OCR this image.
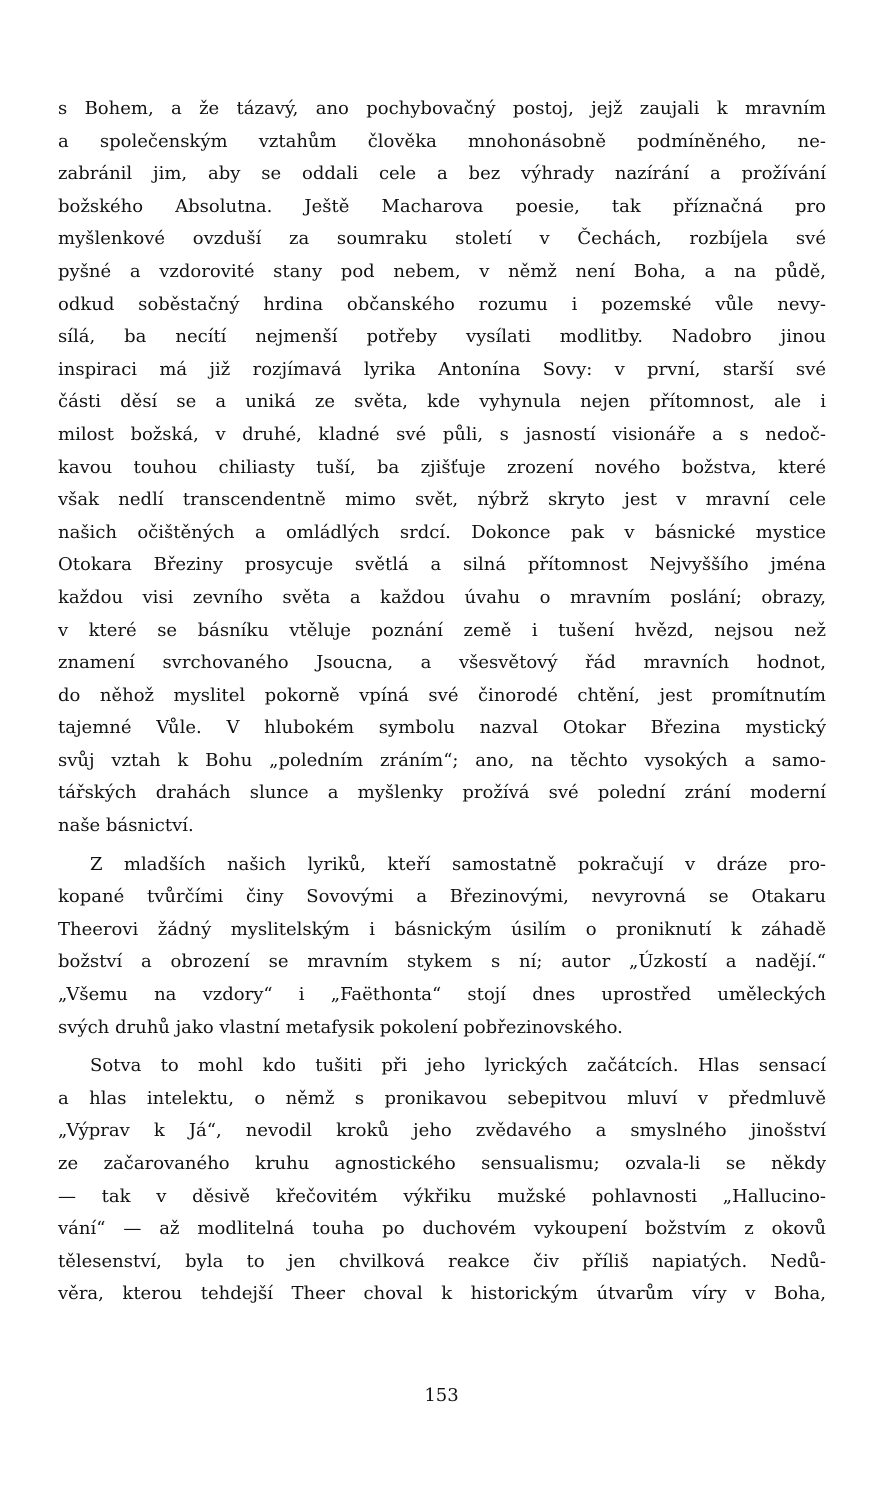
s Bohem, a že tázavý, ano pochybovačný postoj, jejž zaujali k mravním
a společenským vztahům člověka mnohonásobně podmíněného, ne-
zabránil jim, aby se oddali cele a bez výhrady nazírání a prožívání
božského Absolutna. Ještě Macharova poesie, tak příznačná pro
myšlenkové ovzduší za soumraku století v Čechách, rozbíjela své
pyšné a vzdorovité stany pod nebem, v němž není Boha, a na půdě,
odkud soběstačný hrdina občanského rozumu i pozemské vůle nevy-
sílá, ba necítí nejmenší potřeby vysílati modlitby. Nadobro jinou
inspiraci má již rozjímavá lyrika Antonína Sovy: v první, starší své
části děsí se a uniká ze světa, kde vyhynula nejen přítomnost, ale i
milost božská, v druhé, kladné své půli, s jasností visionáře a s nedoč-
kavou touhou chiliasty tuší, ba zjišťuje zrození nového božstva, které
však nedlí transcendentně mimo svět, nýbrž skryto jest v mravní cele
našich očištěných a omládlých srdcí. Dokonce pak v básnické mystice
Otokara Březiny prosycuje světlá a silná přítomnost Nejvyššího jména
každou visi zevního světa a každou úvahu o mravním poslání; obrazy,
v které se básníku vtěluje poznání země i tušení hvězd, nejsou než
znamení svrchovaného Jsoucna, a všesvětový řád mravních hodnot,
do něhož myslitel pokorně vpíná své činorodé chtění, jest promítnutím
tajemné Vůle. V hlubokém symbolu nazval Otokar Březina mystický
svůj vztah k Bohu „poledním zráním“; ano, na těchto vysokých a samo-
tářských drahách slunce a myšlenky prožívá své polední zrání moderní
naše básnictví.
Z mladších našich lyriků, kteří samostatně pokračují v dráze pro-
kopané tvůrčími činy Sovovými a Březinovými, nevyrovná se Otakaru
Theerovi žádný myslitelským i básnickým úsilím o proniknutí k záhadě
božství a obrození se mravním stykem s ní; autor „Úzkostí a nadějí.“
„Všemu na vzdory“ i „Faëthonta“ stojí dnes uprostřed uměleckých
svých druhů jako vlastní metafysik pokolení pobřezinovského.
Sotva to mohl kdo tušiti při jeho lyrických začátcích. Hlas sensací
a hlas intelektu, o němž s pronikavou sebepitvou mluví v předmluvě
„Výprav k Já“, nevodil kroků jeho zvědavého a smyslného jinošství
ze začarovaného kruhu agnostického sensualismu; ozvala-li se někdy
— tak v děsivě křečovitém výkřiku mužské pohlavnosti „Hallucino-
vání“ — až modlitelná touha po duchovém vykoupení božstvím z okovů
tělesenství, byla to jen chvilková reakce čiv příliš napiatých. Nedů-
věra, kterou tehdejší Theer choval k historickým útvarům víry v Boha,
153
